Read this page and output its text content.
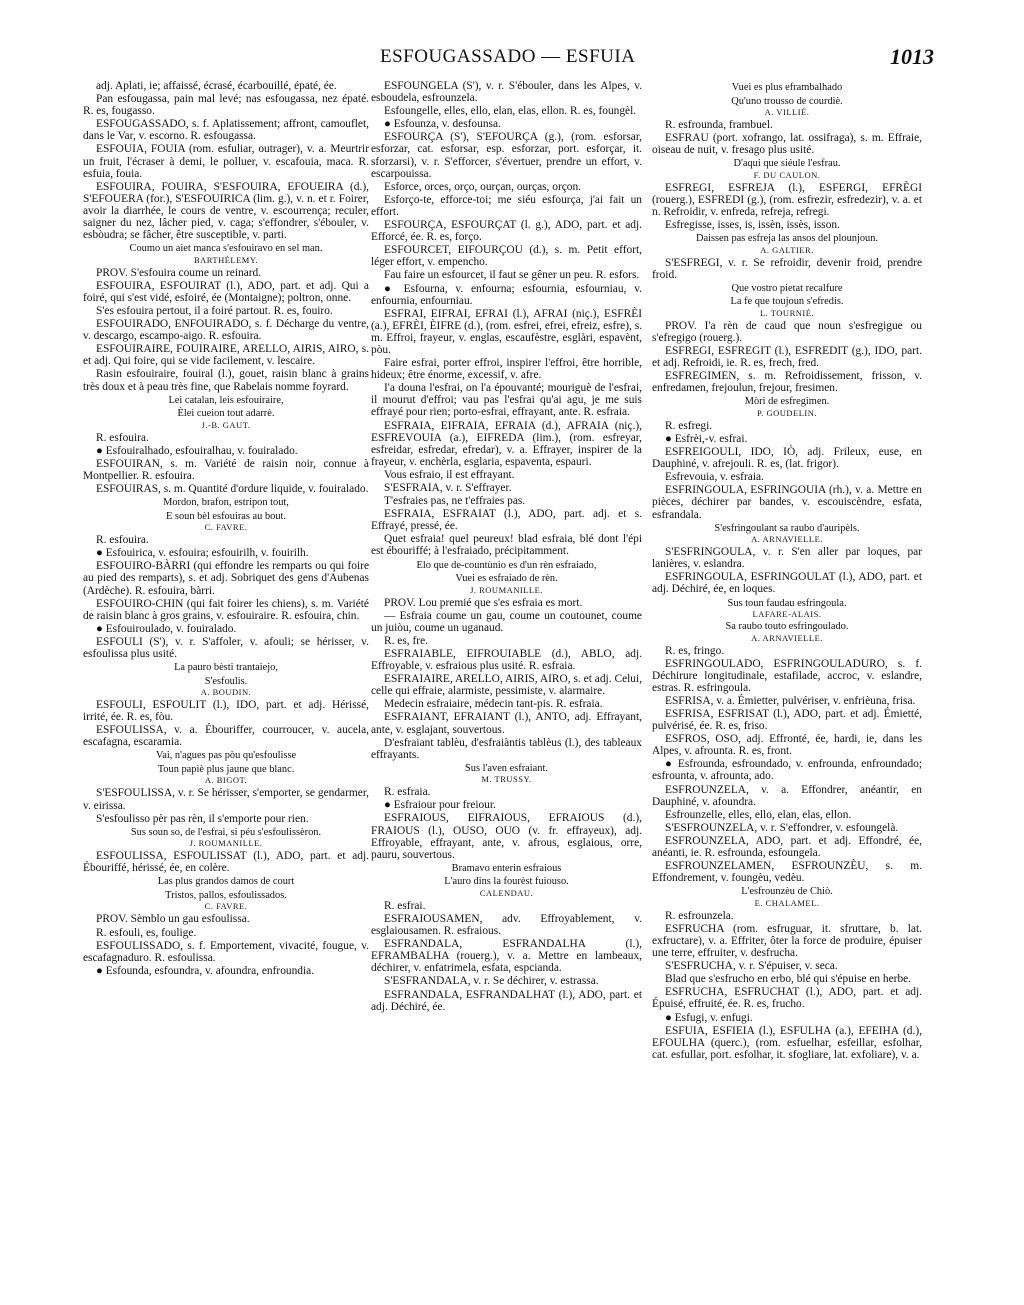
ESFOUGASSADO — ESFUIA	1013

adj. Aplati, ie; affaissé, écrasé, écarbouillé, épaté, ée.

Pan esfougassa, pain mal levé; nas esfougassa, nez épaté. R. es, fougasso.

ESFOUGASSADO, s. f. Aplatissement; affront, camouflet, dans le Var, v. escorno. R. esfougassa.

ESFOUIA, FOUIA (rom. esfuliar, outrager), v. a. Meurtrir un fruit, l'écraser à demi, le polluer, v. escafouia, maca. R. esfuia, fouia.

ESFOUIRA, FOUIRA, S'ESFOUIRA, EFOUEIRA (d.), S'EFOUERA (for.), S'ESFOUIRICA (lim. g.), v. n. et r. Foirer, avoir la diarrhée, le cours de ventre, v. escourrença; reculer, saigner du nez, lâcher pied, v. caga; s'effondrer, s'ébouler, v. esbòudra; se fâcher, être susceptible, v. parti.

Coumo un aiet manca s'esfouiravo en sel man.

BARTHÉLEMY.

PROV. S'esfouira coume un reinard.

ESFOUIRA, ESFOUIRAT (l.), ADO, part. et adj. Qui a foiré, qui s'est vidé, esfoiré, ée (Montaigne); poltron, onne.

S'es esfouira pertout, il a foiré partout. R. es, fouiro.

ESFOUIRADO, ENFOUIRADO, s. f. Décharge du ventre, v. descargo, escampo-aigo. R. esfouira.

ESFOUIRAIRE, FOUIRAIRE, ARELLO, AIRIS, AIRO, s. et adj. Qui foire, qui se vide facilement, v. lescaire.

Rasin esfouiraire, fouiral (l.), gouet, raisin blanc à grains très doux et à peau très fine, que Rabelais nomme foyrard.

Lei catalan, leis esfouiraire,

Èlei cueion tout adarrè.

J.-B. GAUT.

R. esfouira.

● Esfouiralhado, esfouiralhau, v. fouiralado.

ESFOUIRAN, s. m. Variété de raisin noir, connue à Montpellier. R. esfouira.

ESFOUIRAS, s. m. Quantité d'ordure liquide, v. fouiralado.

Mordon, brafon, estripon tout,

E soun bèl esfouiras au bout.

C. FAVRE.

R. esfouira.

● Esfouirica, v. esfouira; esfouirilh, v. fouirilh.

ESFOUIRO-BÀRRI (qui effondre les remparts ou qui foire au pied des remparts), s. et adj. Sobriquet des gens d'Aubenas (Ardèche). R. esfouira, bàrri.

ESFOUIRO-CHIN (qui fait foirer les chiens), s. m. Variété de raisin blanc à gros grains, v. esfouiraire. R. esfouira, chin.

● Esfouiroulado, v. fouiralado.

ESFOULI (S'), v. r. S'affoler, v. afouli; se hérisser, v. esfoulissa plus usité.

La pauro bèsti trantaiejo,

S'esfoulis.

A. BOUDIN.

ESFOULI, ESFOULIT (l.), IDO, part. et adj. Hérissé, irrité, ée. R. es, fòu.

ESFOULISSA, v. a. Ébouriffer, courroucer, v. aucela, escafagna, escaramia.

Vai, n'agues pas pòu qu'esfoulisse

Toun papiè plus jaune que blanc.

A. BIGOT.

S'ESFOULISSA, v. r. Se hérisser, s'emporter, se gendarmer, v. eirissa.

S'esfoulisso pèr pas rèn, il s'emporte pour rien.

Sus soun so, de l'esfrai, si péu s'esfoulissèron.

J. ROUMANILLE.

ESFOULISSA, ESFOULISSAT (l.), ADO, part. et adj. Ébouriffé, hérissé, ée, en colère.

Las plus grandos damos de court

Tristos, pallos, esfoulissados.

C. FAVRE.

PROV. Sèmblo un gau esfoulissa.

R. esfouli, es, foulige.

ESFOULISSADO, s. f. Emportement, vivacité, fougue, v. escafagnaduro. R. esfoulissa.

● Esfounda, esfoundra, v. afoundra, enfroundia.

ESFOUNGELA (S'), v. r. S'ébouler, dans les Alpes, v. esboudela, esfrounzela.

Esfoungelle, elles, ello, elan, elas, ellon. R. es, foungèl.

● Esfounza, v. desfounsa.

ESFOURÇA (S'), S'EFOURÇA (g.), (rom. esforsar, esforzar, cat. esforsar, esp. esforzar, port. esforçar, it. sforzarsi), v. r. S'efforcer, s'évertuer, prendre un effort, v. escarpouissa.

Esforce, orces, orço, ourçan, ourças, orçon.

Esforço-te, efforce-toi; me siéu esfourça, j'ai fait un effort.

ESFOURÇA, ESFOURÇAT (l. g.), ADO, part. et adj. Efforcé, ée. R. es, forço.

ESFOURCET, EIFOURÇOU (d.), s. m. Petit effort, léger effort, v. empencho.

Fau faire un esfourcet, il faut se gêner un peu. R. esfors.

● Esfourna, v. enfourna; esfournia, esfourniau, v. enfournia, enfourniau.

ESFRAI, EIFRAI, EFRAI (l.), AFRAI (niç.), ESFRÈI (a.), EFRÈI, ÈIFRE (d.), (rom. esfrei, efrei, efreiz, esfre), s. m. Effroi, frayeur, v. englas, escaufèstre, esglàri, espavènt, pòu.

Faire esfrai, porter effroi, inspirer l'effroi, être horrible, hideux; être énorme, excessif, v. afre.

I'a douna l'esfrai, on l'a épouvanté; mouriguè de l'esfrai, il mourut d'effroi; vau pas l'esfrai qu'ai agu, je me suis effrayé pour rien; porto-esfrai, effrayant, ante. R. esfraia.

ESFRAIA, EIFRAIA, EFRAIA (d.), AFRAIA (niç.), ESFREVOUIA (a.), EIFREDA (lim.), (rom. esfreyar, esfreidar, esfredar, efredar), v. a. Effrayer, inspirer de la frayeur, v. enchèrla, esglaria, espaventa, espauri.

Vous esfraio, il est effrayant.

S'ESFRAIA, v. r. S'effrayer.

T'esfraies pas, ne t'effraies pas.

ESFRAIA, ESFRAIAT (l.), ADO, part. adj. et s. Effrayé, pressé, ée.

Quet esfraia! quel peureux! blad esfraia, blé dont l'épi est ébouriffé; à l'esfraiado, précipitamment.

Elo que de-countùnio es d'un rèn esfraiado,

Vuei es esfraiado de rèn.

J. ROUMANILLE.

PROV. Lou premié que s'es esfraia es mort.

— Esfraia coume un gau, coume un coutounet, coume un juiòu, coume un uganaud.

R. es, fre.

ESFRAIABLE, EIFROUIABLE (d.), ABLO, adj. Effroyable, v. esfraious plus usité. R. esfraia.

ESFRAIAIRE, ARELLO, AIRIS, AIRO, s. et adj. Celui, celle qui effraie, alarmiste, pessimiste, v. alarmaire.

Medecin esfraiaire, médecin tant-pis. R. esfraia.

ESFRAIANT, EFRAIANT (l.), ANTO, adj. Effrayant, ante, v. esglajant, souvertous.

D'esfraiant tablèu, d'esfraiàntis tablèus (l.), des tableaux effrayants.

Sus l'aven esfraiant.

M. TRUSSY.

R. esfraia.

● Esfraiour pour freiour.

ESFRAIOUS, EIFRAIOUS, EFRAIOUS (d.), FRAIOUS (l.), OUSO, OUO (v. fr. effrayeux), adj. Effroyable, effrayant, ante, v. afrous, esglaious, orre, pauru, souvertous.

Bramavo enterin esfraious

L'auro dins la fourèst fuiouso.

CALENDAU.

R. esfrai.

ESFRAIOUSAMEN, adv. Effroyablement, v. esglaiousamen. R. esfraious.

ESFRANDALA, ESFRANDALHA (l.), EFRAMBALHA (rouerg.), v. a. Mettre en lambeaux, déchirer, v. enfatrimela, esfata, espcianda.

S'ESFRANDALA, v. r. Se déchirer, v. estrassa.

ESFRANDALA, ESFRANDALHAT (l.), ADO, part. et adj. Déchiré, ée.

Vuei es plus eframbalhado

Qu'uno trousso de courdiè.

A. VILLIÉ.

R. esfrounda, frambuel.

ESFRAU (port. xofrango, lat. ossifraga), s. m. Effraie, oiseau de nuit, v. fresago plus usité.

D'aqui que siéule l'esfrau.

F. DU CAULON.

ESFREGI, ESFREJA (l.), ESFERGI, EFRÈGI (rouerg.), ESFREDI (g.), (rom. esfrezir, esfredezir), v. a. et n. Refroidir, v. enfreda, refreja, refregi.

Esfregisse, isses, is, issèn, issès, isson.

Daissen pas esfreja las ansos del plounjoun.

A. GALTIER.

S'ESFREGI, v. r. Se refroidir, devenir froid, prendre froid.

Que vostro pietat recalfure

La fe que toujoun s'efredis.

L. TOURNIÉ.

PROV. I'a rèn de caud que noun s'esfregigue ou s'efregigo (rouerg.).

ESFREGI, ESFREGIT (l.), ESFREDIT (g.), IDO, part. et adj. Refroidi, ie. R. es, frech, fred.

ESFREGIMEN, s. m. Refroidissement, frisson, v. enfredamen, frejoulun, frejour, fresimen.

Mòri de esfregimen.

P. GOUDELIN.

R. esfregi.

● Esfrèi,-v. esfrai.

ESFREIGOULI, IDO, IÒ, adj. Frileux, euse, en Dauphiné, v. afrejouli. R. es, (lat. frigor).

Esfrevouia, v. esfraia.

ESFRINGOULA, ESFRINGOUIA (rh.), v. a. Mettre en pièces, déchirer par bandes, v. escouiscèndre, esfata, esfrandala.

S'esfringoulant sa raubo d'auripèls.

A. ARNAVIELLE.

S'ESFRINGOULA, v. r. S'en aller par loques, par lanières, v. eslandra.

ESFRINGOULA, ESFRINGOULAT (l.), ADO, part. et adj. Déchiré, ée, en loques.

Sus toun faudau esfringoula.

LAFARE-ALAIS.

Sa raubo touto esfringoulado.

A. ARNAVIELLE.

R. es, fringo.

ESFRINGOULADO, ESFRINGOULADURO, s. f. Déchirure longitudinale, estafilade, accroc, v. eslandre, estras. R. esfringoula.

ESFRISA, v. a. Émietter, pulvériser, v. enfrièuna, frisa.

ESFRISA, ESFRISAT (l.), ADO, part. et adj. Émietté, pulvérisé, ée. R. es, friso.

ESFROS, OSO, adj. Effronté, ée, hardi, ie, dans les Alpes, v. afrounta. R. es, front.

● Esfrounda, esfroundado, v. enfrounda, enfroundado; esfrounta, v. afrounta, ado.

ESFROUNZELA, v. a. Effondrer, anéantir, en Dauphiné, v. afoundra.

Esfrounzelle, elles, ello, elan, elas, ellon.

S'ESFROUNZELA, v. r. S'effondrer, v. esfoungelà.

ESFROUNZELA, ADO, part. et adj. Effondré, ée, anéanti, ie. R. esfrounda, esfoungela.

ESFROUNZELAMEN, ESFROUNZÈU, s. m. Effondrement, v. foungèu, vedèu.

L'esfrounzèu de Chiò.

E. CHALAMEL.

R. esfrounzela.

ESFRUCHA (rom. esfruguar, it. sfruttare, b. lat. exfructare), v. a. Effriter, ôter la force de produire, épuiser une terre, effruiter, v. desfrucha.

S'ESFRUCHA, v. r. S'épuiser, v. seca.

Blad que s'esfrucho en erbo, blé qui s'épuise en herbe.

ESFRUCHA, ESFRUCHAT (l.), ADO, part. et adj. Épuisé, effruité, ée. R. es, frucho.

● Esfugi, v. enfugi.

ESFUIA, ESFIEIA (l.), ESFULHA (a.), EFEIHA (d.), EFOULHA (querc.), (rom. esfuelhar, esfeillar, esfolhar, cat. esfullar, port. esfolhar, it. sfogliare, lat. exfoliare), v. a.
